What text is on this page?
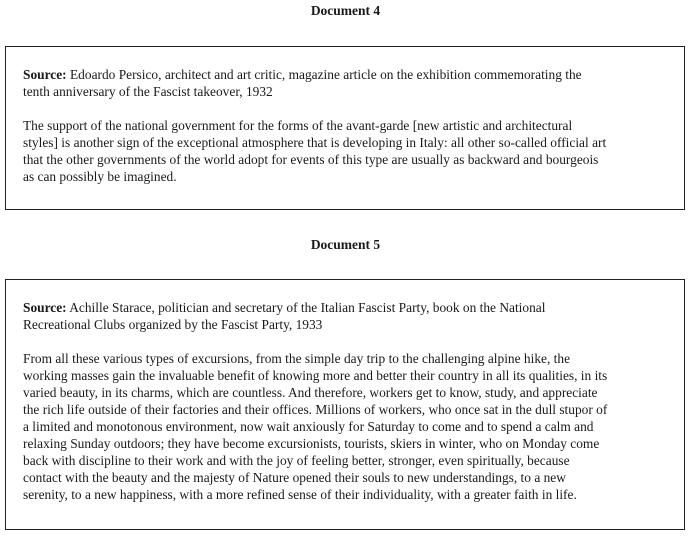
Document 4

Source: Edoardo Persico, architect and art critic, magazine article on the exhibition commemorating the
tenth anniversary of the Fascist takeover, 1932

The support of the national government for the forms of the avant-garde [new artistic and architectural
styles] is another sign of the exceptional atmosphere that is developing in Italy: all other so-called official art
that the other governments of the world adopt for events of this type are usually as backward and bourgeois
as can possibly be imagined.

Document 5

Source: Achille Starace, politician and secretary of the Italian Fascist Party, book on the National
Recreational Clubs organized by the Fascist Party, 1933

From all these various types of excursions, from the simple day trip to the challenging alpine hike, the
working masses gain the invaluable benefit of knowing more and better their country in all its qualities, in its
varied beauty, in its charms, which are countless. And therefore, workers get to know, study, and appreciate
the rich life outside of their factories and their offices. Millions of workers, who once sat in the dull stupor of
a limited and monotonous environment, now wait anxiously for Saturday to come and to spend a calm and
relaxing Sunday outdoors; they have become excursionists, tourists, skiers in winter, who on Monday come
back with discipline to their work and with the joy of feeling better, stronger, even spiritually, because
contact with the beauty and the majesty of Nature opened their souls to new understandings, to a new
serenity, to a new happiness, with a more refined sense of their individuality, with a greater faith in life.
